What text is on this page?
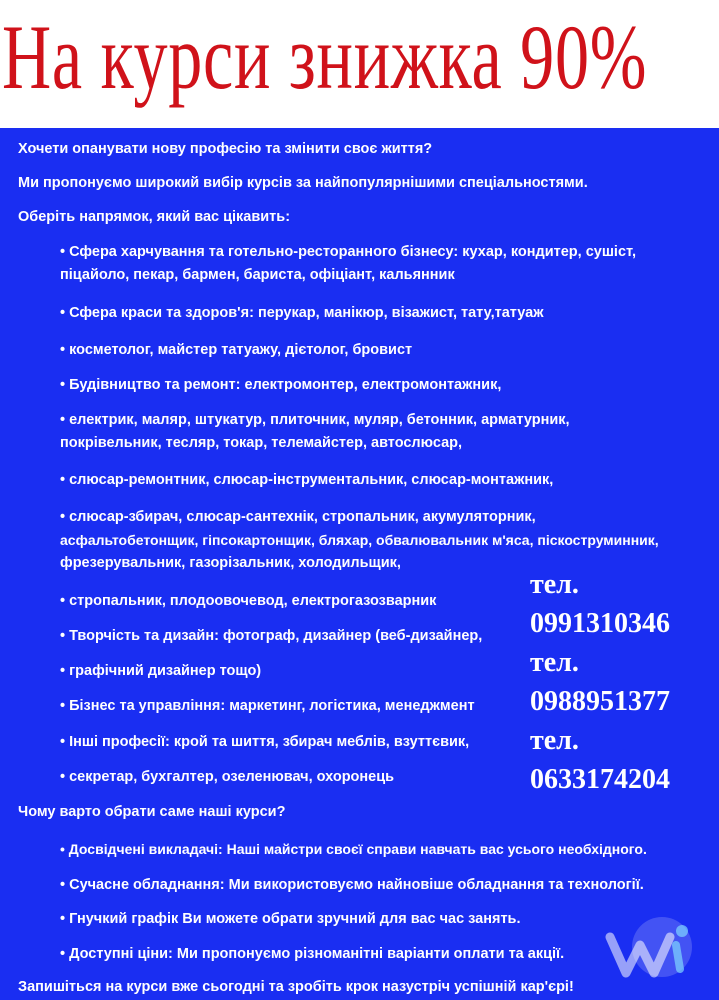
На курси знижка 90%
Хочети опанувати нову професію та змінити своє життя?
Ми пропонуємо широкий вибір курсів за найпопулярнішими спеціальностями.
Оберіть напрямок, який вас цікавить:
• Сфера харчування та готельно-ресторанного бізнесу: кухар, кондитер, сушіст,
піцайоло, пекар, бармен, бариста, офіціант, кальянник
• Сфера краси та здоров'я: перукар, манікюр, візажист, тату,татуаж
• косметолог, майстер татуажу, дієтолог, бровист
• Будівництво та ремонт: електромонтер, електромонтажник,
• електрик, маляр, штукатур, плиточник, муляр, бетонник, арматурник,
покрівельник, тесляр, токар, телемайстер, автослюсар,
• слюсар-ремонтник, слюсар-інструментальник, слюсар-монтажник,
• слюсар-збирач, слюсар-сантехнік, стропальник, акумуляторник,
асфальтобетонщик, гіпсокартонщик, бляхар, обвалювальник м'яса, піскоструминник,
фрезерувальник, газорізальник, холодильщик,
• стропальник, плодоовочевод, електрогазозварник
• Творчість та дизайн: фотограф, дизайнер (веб-дизайнер,
• графічний дизайнер тощо)
• Бізнес та управління: маркетинг, логістика, менеджмент
• Інші професії: крой та шиття, збирач меблів, взуттєвик,
• секретар, бухгалтер, озеленювач, охоронець
Чому варто обрати саме наші курси?
• Досвідчені викладачі: Наші майстри своєї справи навчать вас усього необхідного.
• Сучасне обладнання: Ми використовуємо найновіше обладнання та технології.
• Гнучкий графік Ви можете обрати зручний для вас час занять.
• Доступні ціни: Ми пропонуємо різноманітні варіанти оплати та акції.
Запишіться на курси вже сьогодні та зробіть крок назустріч успішній кар'єрі!
тел.
0991310346
тел.
0988951377
тел.
0633174204
